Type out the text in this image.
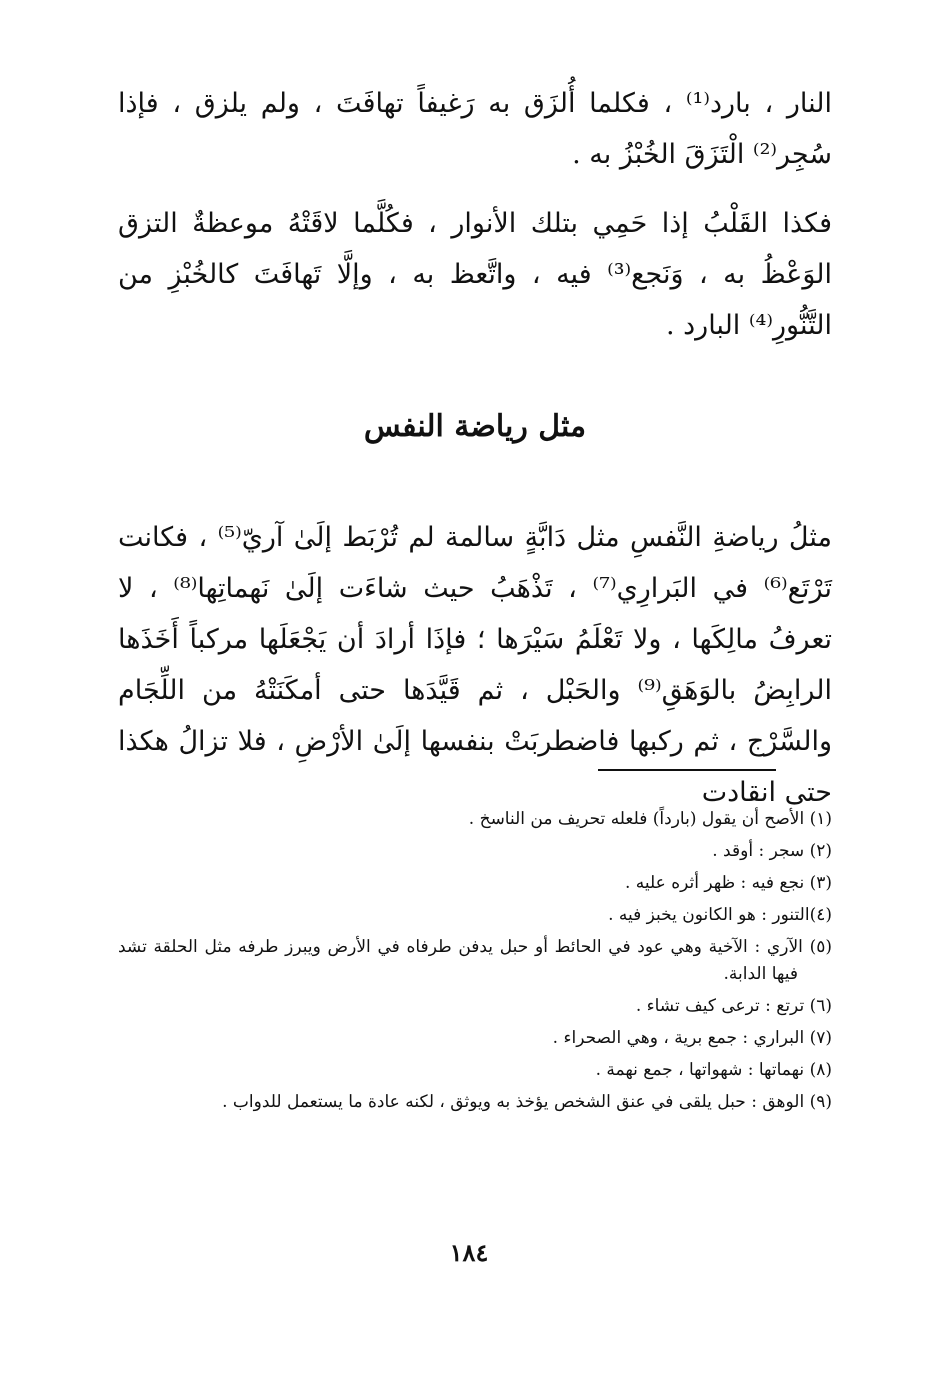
النار ، بارد⁽¹⁾ ، فكلما أُلزَق به رَغيفاً تهافَتَ ، ولم يلزق ، فإذا سُجِر⁽²⁾ الْتَزَقَ الخُبْزُ به .

فكذا القَلْبُ إذا حَمِي بتلك الأنوار ، فكُلَّما لاقَتْهُ موعظةٌ التزق الوَعْظُ به ، وَنَجع⁽³⁾ فيه ، واتَّعظ به ، وإلَّا تَهافَتَ كالخُبْزِ من التَّنُّورِ⁽⁴⁾ البارد .

مثل رياضة النفس

مثلُ رياضةِ النَّفسِ مثل دَابَّةٍ سالمة لم تُرْبَط إلَىٰ آريّ⁽⁵⁾ ، فكانت تَرْتَع⁽⁶⁾ في البَرارِي⁽⁷⁾ ، تَذْهَبُ حيث شاءَت إلَىٰ نَهماتِها⁽⁸⁾ ، لا تعرفُ مالِكَها ، ولا تَعْلَمُ سَيْرَها ؛ فإذَا أرادَ أن يَجْعَلَها مركباً أَخَذَها الرابِضُ بالوَهَقِ⁽⁹⁾ والحَبْل ، ثم قَيَّدَها حتى أمكَنَتْهُ من اللِّجَام والسَّرْج ، ثم ركبها فاضطربَتْ بنفسها إلَىٰ الأرْضِ ، فلا تزالُ هكذا حتى انقادت

(١) الأصح أن يقول (بارداً) فلعله تحريف من الناسخ .
(٢) سجر : أوقد .
(٣) نجع فيه : ظهر أثره عليه .
(٤)التنور : هو الكانون يخبز فيه .
(٥) الآري : الآخية وهي عود في الحائط أو حبل يدفن طرفاه في الأرض ويبرز طرفه مثل الحلقة تشد فيها الدابة.
(٦) ترتع : ترعى كيف تشاء .
(٧) البراري : جمع برية ، وهي الصحراء .
(٨) نهماتها : شهواتها ، جمع نهمة .
(٩) الوهق : حبل يلقى في عنق الشخص يؤخذ به ويوثق ، لكنه عادة ما يستعمل للدواب .
١٨٤
